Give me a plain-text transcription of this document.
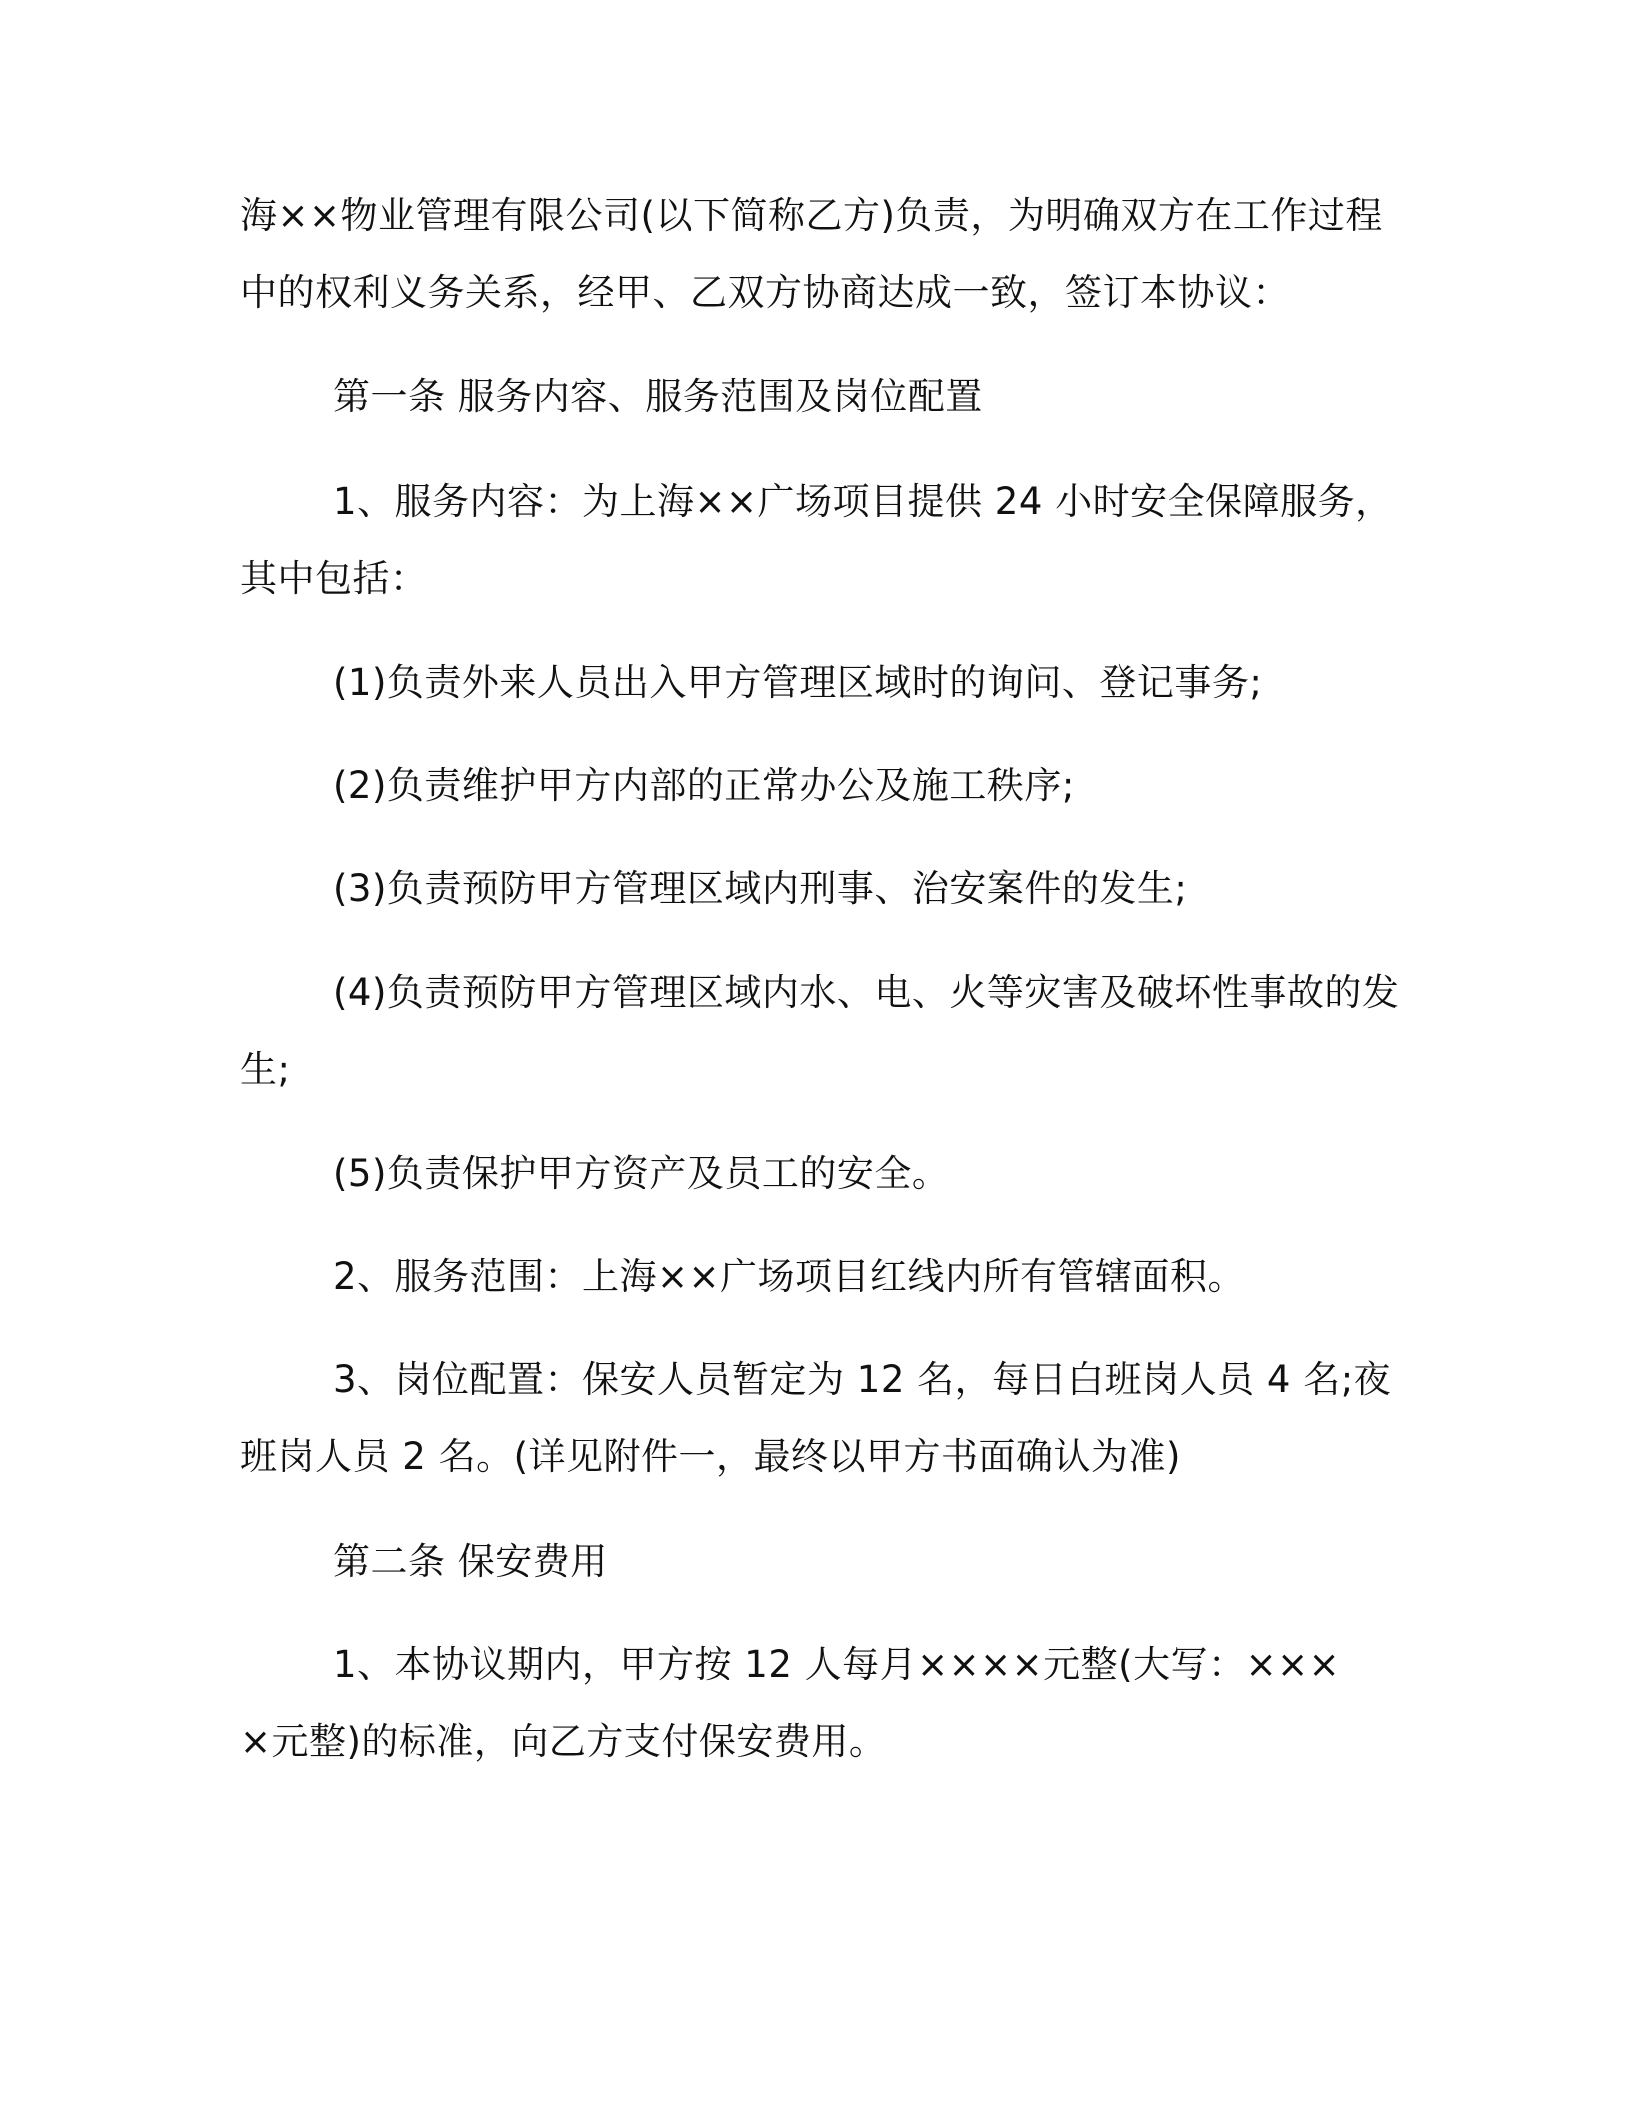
海××物业管理有限公司(以下简称乙方)负责，为明确双方在工作过程
中的权利义务关系，经甲、乙双方协商达成一致，签订本协议：
第一条 服务内容、服务范围及岗位配置
1、服务内容：为上海××广场项目提供 24 小时安全保障服务，
其中包括：
(1)负责外来人员出入甲方管理区域时的询问、登记事务;
(2)负责维护甲方内部的正常办公及施工秩序;
(3)负责预防甲方管理区域内刑事、治安案件的发生;
(4)负责预防甲方管理区域内水、电、火等灾害及破坏性事故的发
生;
(5)负责保护甲方资产及员工的安全。
2、服务范围：上海××广场项目红线内所有管辖面积。
3、岗位配置：保安人员暂定为 12 名，每日白班岗人员 4 名;夜
班岗人员 2 名。(详见附件一，最终以甲方书面确认为准)
第二条 保安费用
1、本协议期内，甲方按 12 人每月××××元整(大写：×××
×元整)的标准，向乙方支付保安费用。
